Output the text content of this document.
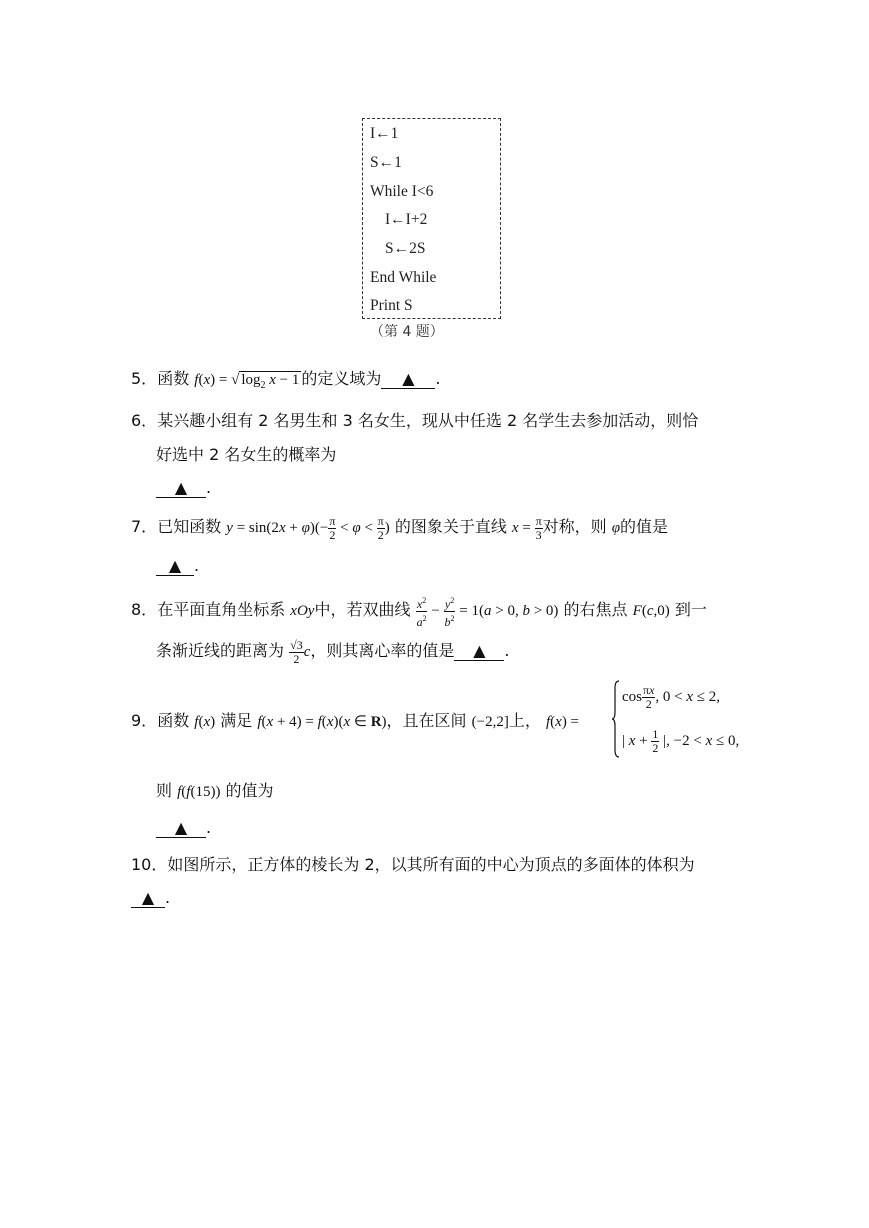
I←1
S←1
While I<6
I←I+2
S←2S
End While
Print S
（第 4 题）
5．函数 f(x) = √ $\log_2 x - 1$ 的定义域为 ▲ .
6．某兴趣小组有 2 名男生和 3 名女生，现从中任选 2 名学生去参加活动，则恰
好选中 2 名女生的概率为
▲ .
7．已知函数 $y = \sin(2x + \varphi)(- \frac{\pi}{2} < \varphi < \frac{\pi}{2}$ ) 的图象关于直线 $x = \frac{\pi}{3}$ 对称，则 φ的值是
▲ .
8．在平面直角坐标系 xOy中，若双曲线 $\frac{x^2}{a^2} - \frac{y^2}{b^2} = 1(a > 0$, b > 0) 的右焦点 F(c,0) 到一
条渐近线的距离为 $\frac{√3}{2}$ c，则其离心率的值是 ▲ .
9．函数 f(x) 满足 f(x + 4) = f(x)(x ∈ R)，且在区间 (−2,2]上， f(x) =
$\cos \frac{\pi x}{2}$ , 0 < x ≤ 2,
| $x + \frac{1}{2}$ |, −2 < x ≤ 0,
则 f(f(15)) 的值为
▲ .
10．如图所示，正方体的棱长为 2，以其所有面的中心为顶点的多面体的体积为
▲ .
